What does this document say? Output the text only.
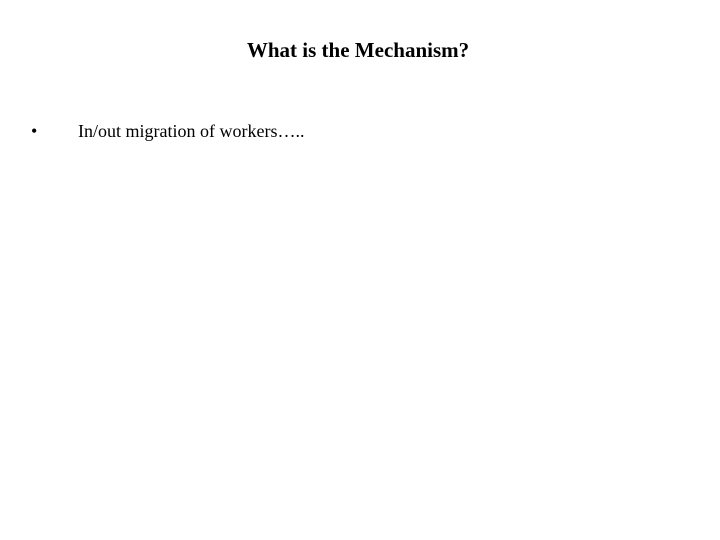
What is the Mechanism?
• In/out migration of workers…..
